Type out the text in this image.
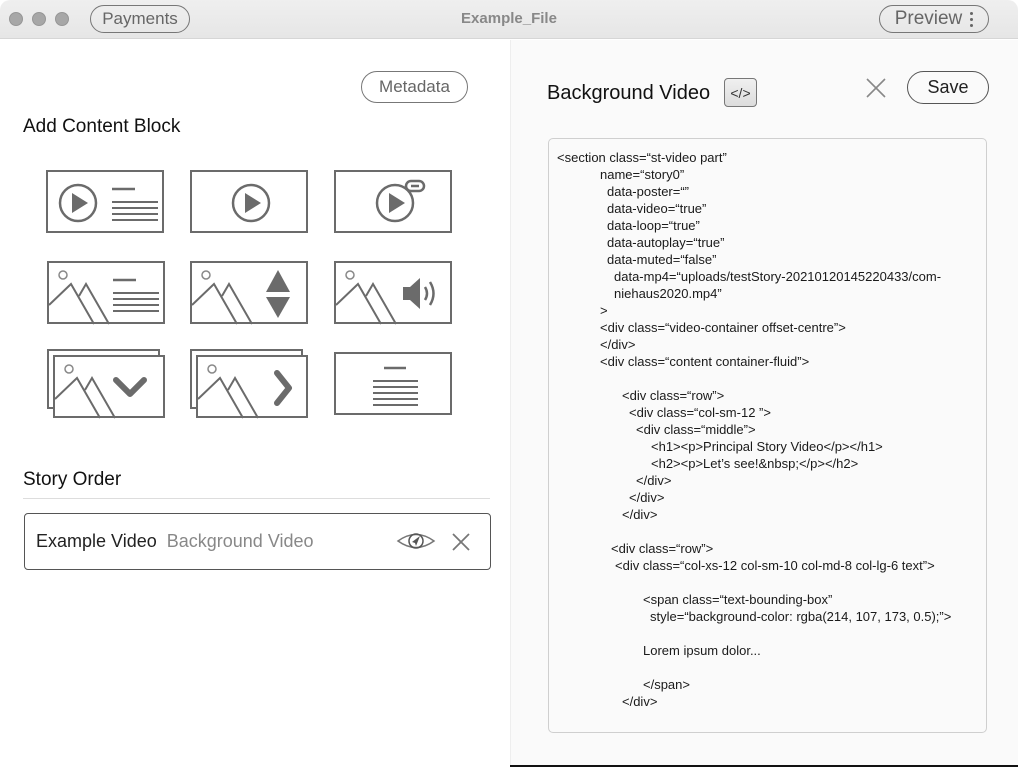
Payments	Example_File	Preview
Metadata
Add Content Block
Story Order
Example Video Background Video
Background Video	</>	Save
<section class=“st-video part”
name=“story0”
data-poster=“”
data-video=“true”
data-loop=“true”
data-autoplay=“true”
data-muted=“false”
data-mp4=“uploads/testStory-20210120145220433/com-
niehaus2020.mp4”
>
<div class=“video-container offset-centre”>
</div>
<div class=“content container-fluid”>
<div class=“row”>
<div class=“col-sm-12 ”>
<div class=“middle”>
<h1><p>Principal Story Video</p></h1>
<h2><p>Let’s see!&nbsp;</p></h2>
</div>
</div>
</div>
<div class=“row”>
<div class=“col-xs-12 col-sm-10 col-md-8 col-lg-6 text”>
<span class=“text-bounding-box”
style=“background-color: rgba(214, 107, 173, 0.5);”>
Lorem ipsum dolor...
</span>
</div>
